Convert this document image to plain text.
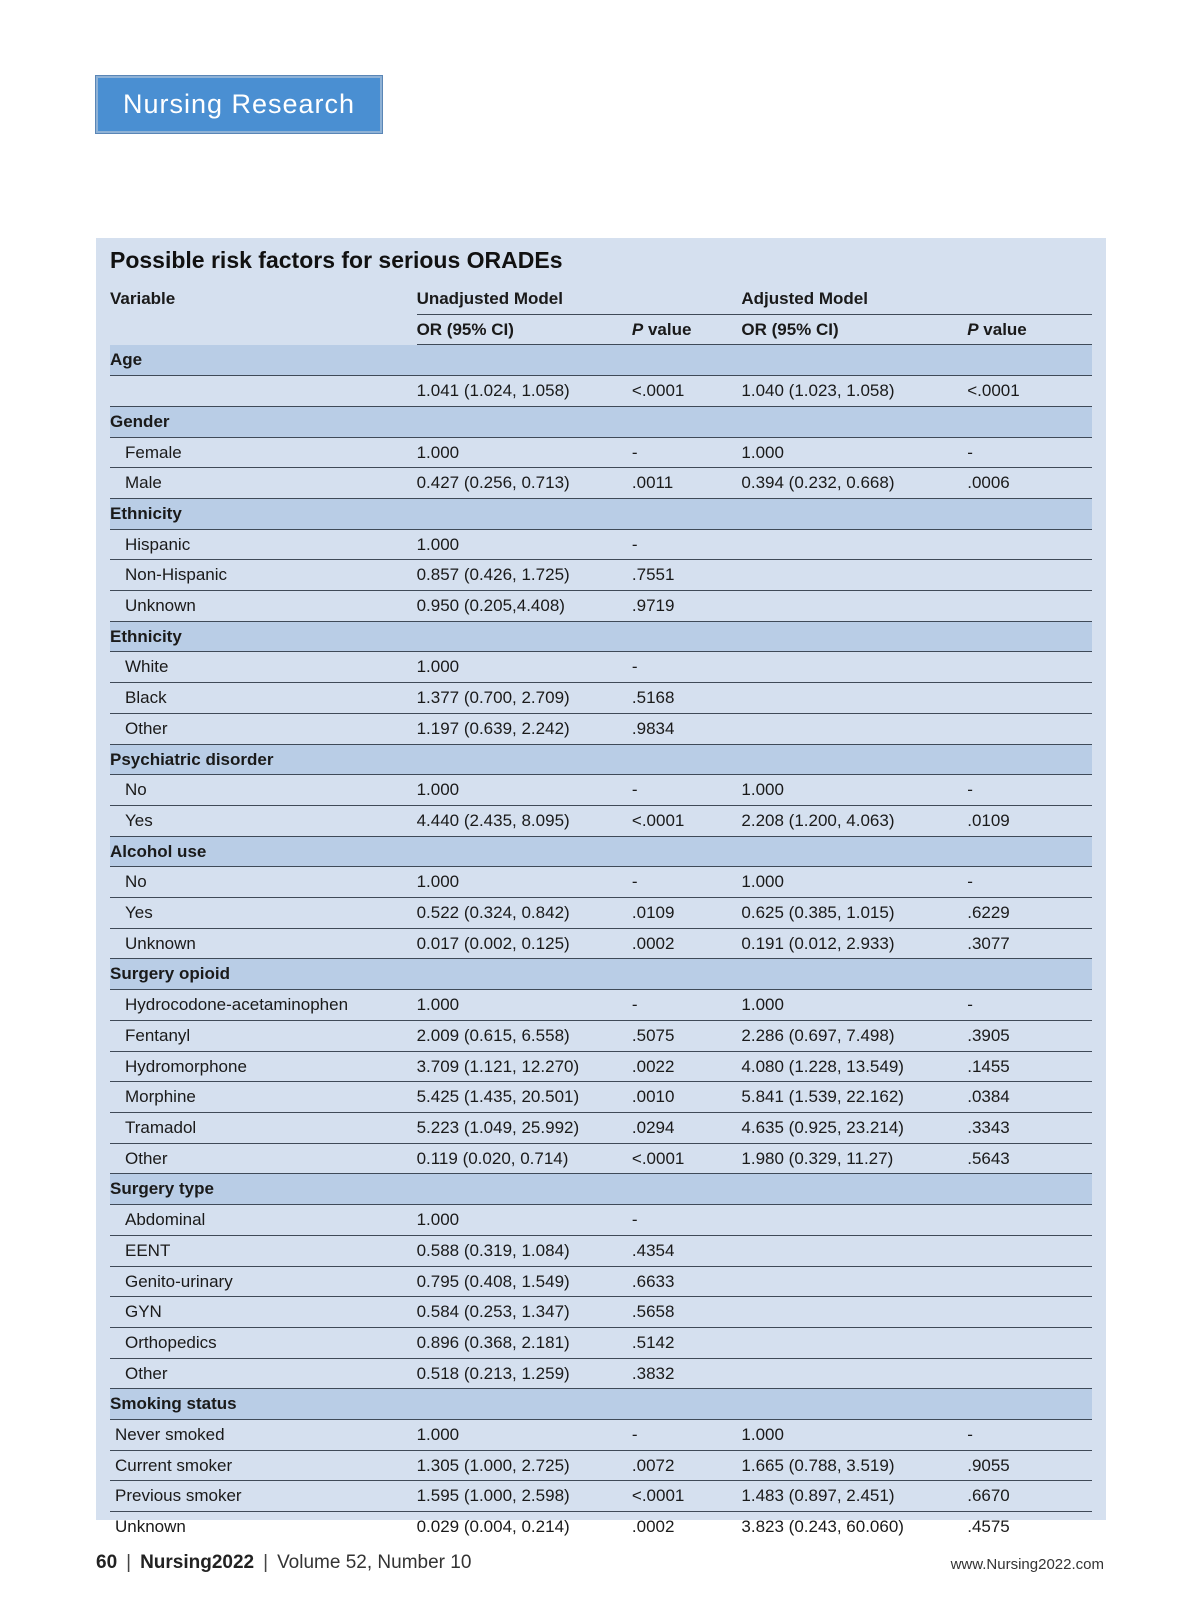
Nursing Research
Possible risk factors for serious ORADEs
Variable	Unadjusted Model		Adjusted Model	
	OR (95% CI)	P value	OR (95% CI)	P value
Age				
	1.041 (1.024, 1.058)	<.0001	1.040 (1.023, 1.058)	<.0001
Gender				
Female	1.000	-	1.000	-
Male	0.427 (0.256, 0.713)	.0011	0.394 (0.232, 0.668)	.0006
Ethnicity				
Hispanic	1.000	-		
Non-Hispanic	0.857 (0.426, 1.725)	.7551		
Unknown	0.950 (0.205,4.408)	.9719		
Ethnicity				
White	1.000	-		
Black	1.377 (0.700, 2.709)	.5168		
Other	1.197 (0.639, 2.242)	.9834		
Psychiatric disorder				
No	1.000	-	1.000	-
Yes	4.440 (2.435, 8.095)	<.0001	2.208 (1.200, 4.063)	.0109
Alcohol use				
No	1.000	-	1.000	-
Yes	0.522 (0.324, 0.842)	.0109	0.625 (0.385, 1.015)	.6229
Unknown	0.017 (0.002, 0.125)	.0002	0.191 (0.012, 2.933)	.3077
Surgery opioid				
Hydrocodone-acetaminophen	1.000	-	1.000	-
Fentanyl	2.009 (0.615, 6.558)	.5075	2.286 (0.697, 7.498)	.3905
Hydromorphone	3.709 (1.121, 12.270)	.0022	4.080 (1.228, 13.549)	.1455
Morphine	5.425 (1.435, 20.501)	.0010	5.841 (1.539, 22.162)	.0384
Tramadol	5.223 (1.049, 25.992)	.0294	4.635 (0.925, 23.214)	.3343
Other	0.119 (0.020, 0.714)	<.0001	1.980 (0.329, 11.27)	.5643
Surgery type				
Abdominal	1.000	-		
EENT	0.588 (0.319, 1.084)	.4354		
Genito-urinary	0.795 (0.408, 1.549)	.6633		
GYN	0.584 (0.253, 1.347)	.5658		
Orthopedics	0.896 (0.368, 2.181)	.5142		
Other	0.518 (0.213, 1.259)	.3832		
Smoking status				
Never smoked	1.000	-	1.000	-
Current smoker	1.305 (1.000, 2.725)	.0072	1.665 (0.788, 3.519)	.9055
Previous smoker	1.595 (1.000, 2.598)	<.0001	1.483 (0.897, 2.451)	.6670
Unknown	0.029 (0.004, 0.214)	.0002	3.823 (0.243, 60.060)	.4575
60 | Nursing2022 | Volume 52, Number 10	www.Nursing2022.com
